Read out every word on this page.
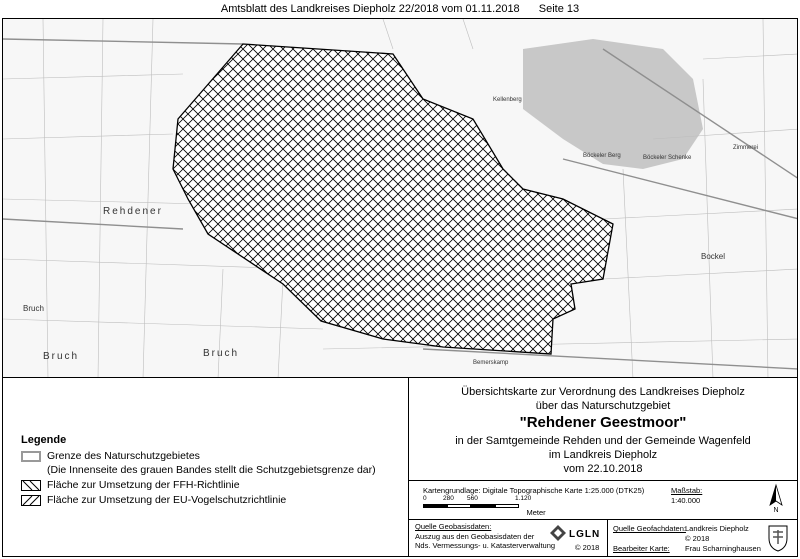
Amtsblatt des Landkreises Diepholz 22/2018 vom 01.11.2018 Seite 13
Rehdener
Bruch	Bruch
Bruch
Bockel
Kellenberg
Böckeler Berg	Böckeler Schenke
Zimmerei
Bemerskamp
Legende
Grenze des Naturschutzgebietes
(Die Innenseite des grauen Bandes stellt die Schutzgebietsgrenze dar)
Fläche zur Umsetzung der FFH-Richtlinie
Fläche zur Umsetzung der EU-Vogelschutzrichtlinie
Übersichtskarte zur Verordnung des Landkreises Diepholz
über das Naturschutzgebiet
"Rehdener Geestmoor"
in der Samtgemeinde Rehden und der Gemeinde Wagenfeld
im Landkreis Diepholz
vom 22.10.2018
Kartengrundlage: Digitale Topographische Karte 1:25.000 (DTK25)	Maßstab:
1:40.000
0	280 560	1.120
Meter	N
Quelle Geobasisdaten:
Auszug aus den Geobasisdaten der
Nds. Vermessungs- u. Katasterverwaltung
LGLN
© 2018
Quelle Geofachdaten: Landkreis Diepholz
© 2018
Bearbeiter Karte: Frau Scharninghausen
